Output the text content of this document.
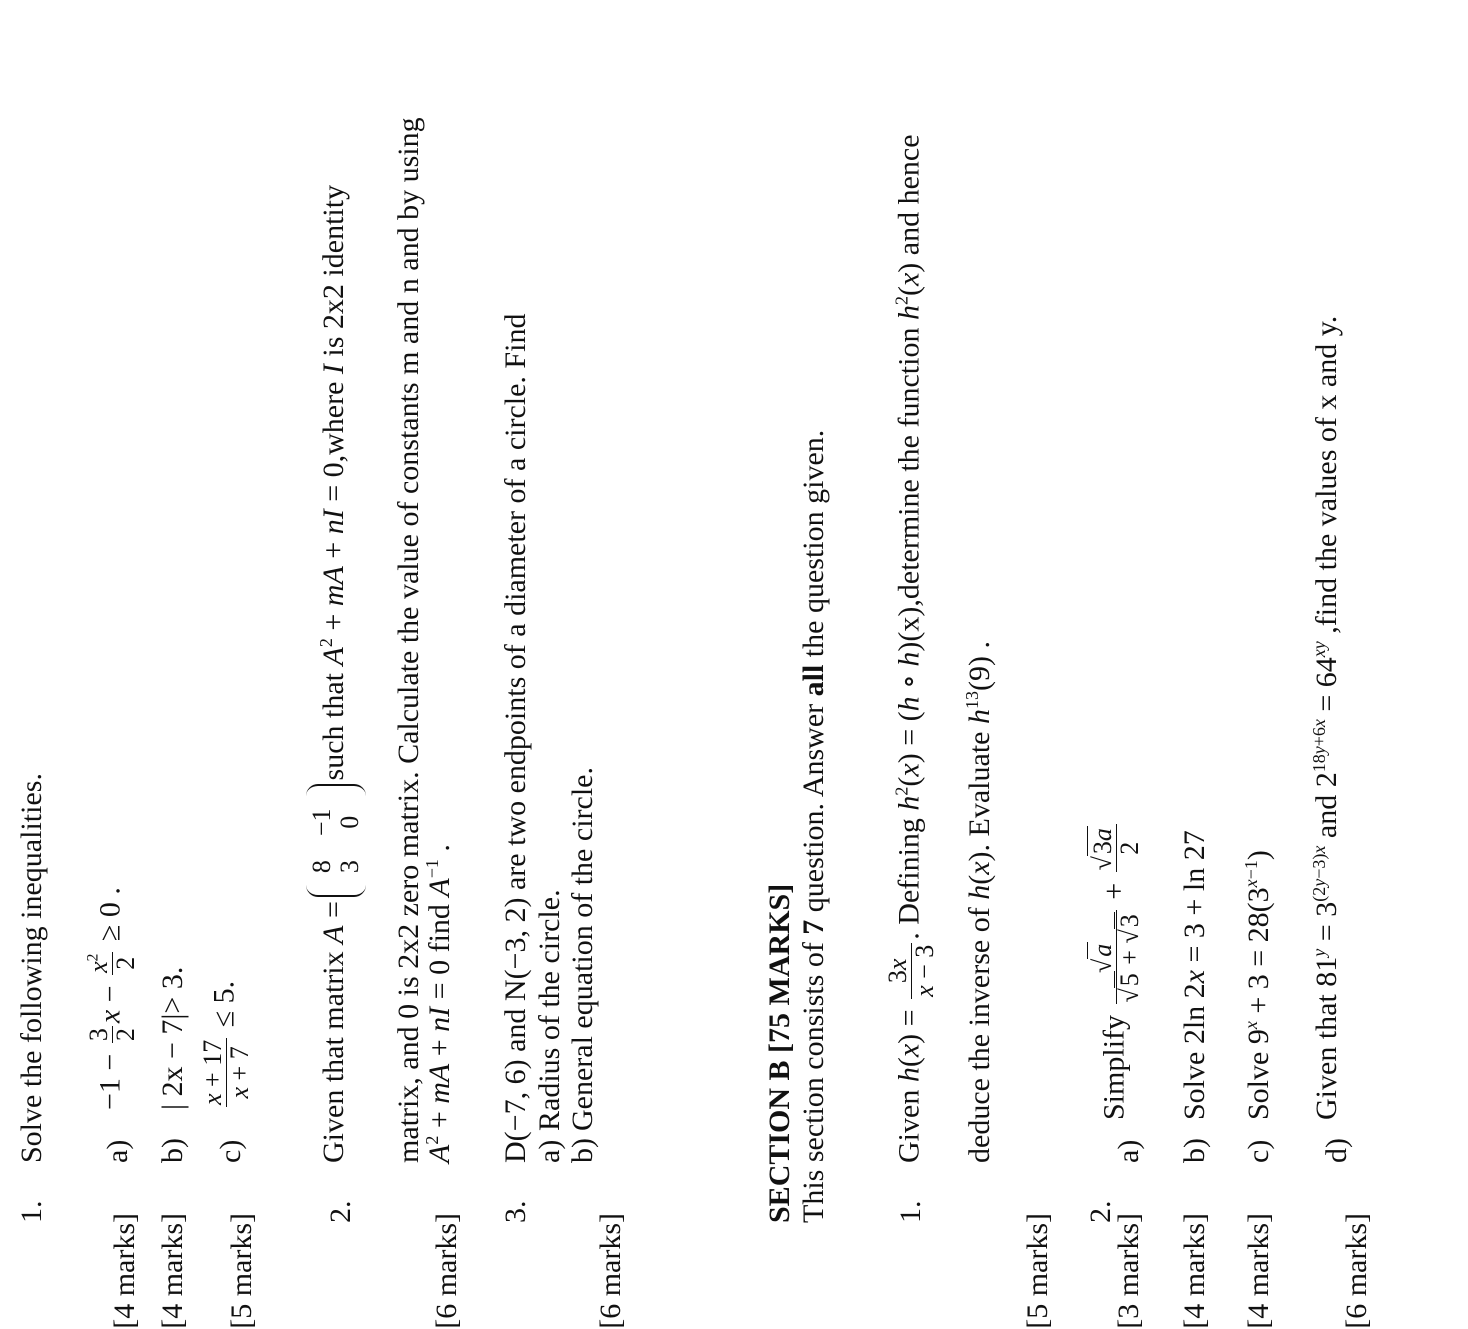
1.
Solve the following inequalities. a)
−1 −
3
2
x −
$x^2$ 2
≥ 0 .
[4 marks]
b)
| 2x − 7|> 3.
[4 marks]
c)
x + 17
x + 7
≤ 5.
[5 marks]
2.
Given that matrix A =
8	−1
3	0
such that $A^2$ + mA + nI = 0,where I is 2x2 identity	matrix, and 0 is 2x2 zero matrix. Calculate the value of constants m and n and by using
$A^2$ + mA + nI = 0 find $A^{-1}$ .
[6 marks]
3.
D(−7, 6) and N(−3, 2) are two endpoints of a diameter of a circle. Find
a)
Radius of the circle.
b)
General equation of the circle.
[6 marks]
SECTION B [75 MARKS] This section consists of 7 question. Answer all the question given.
1.
Given h(x) =
3x
x − 3
. Defining $h^2(x) = (h$ ∘ h)(x),determine the function $h^2(x)$ and hence
deduce the inverse of h(x). Evaluate $h^{13}(9)$ .
[5 marks]
2.
a)
Simplify
√a
√5 + √3
+
√3a
2
[3 marks]
b)
Solve 2ln 2x = 3 + ln 27
[4 marks]
c)
Solve $9^x + 3 = 28(3^{x-1})$
[4 marks]
d)
Given that $81^y = 3^{(2y-3)x}$ and $2^{18y+6x} = 64^{xy}$ ,find the values of x and y.
[6 marks]
